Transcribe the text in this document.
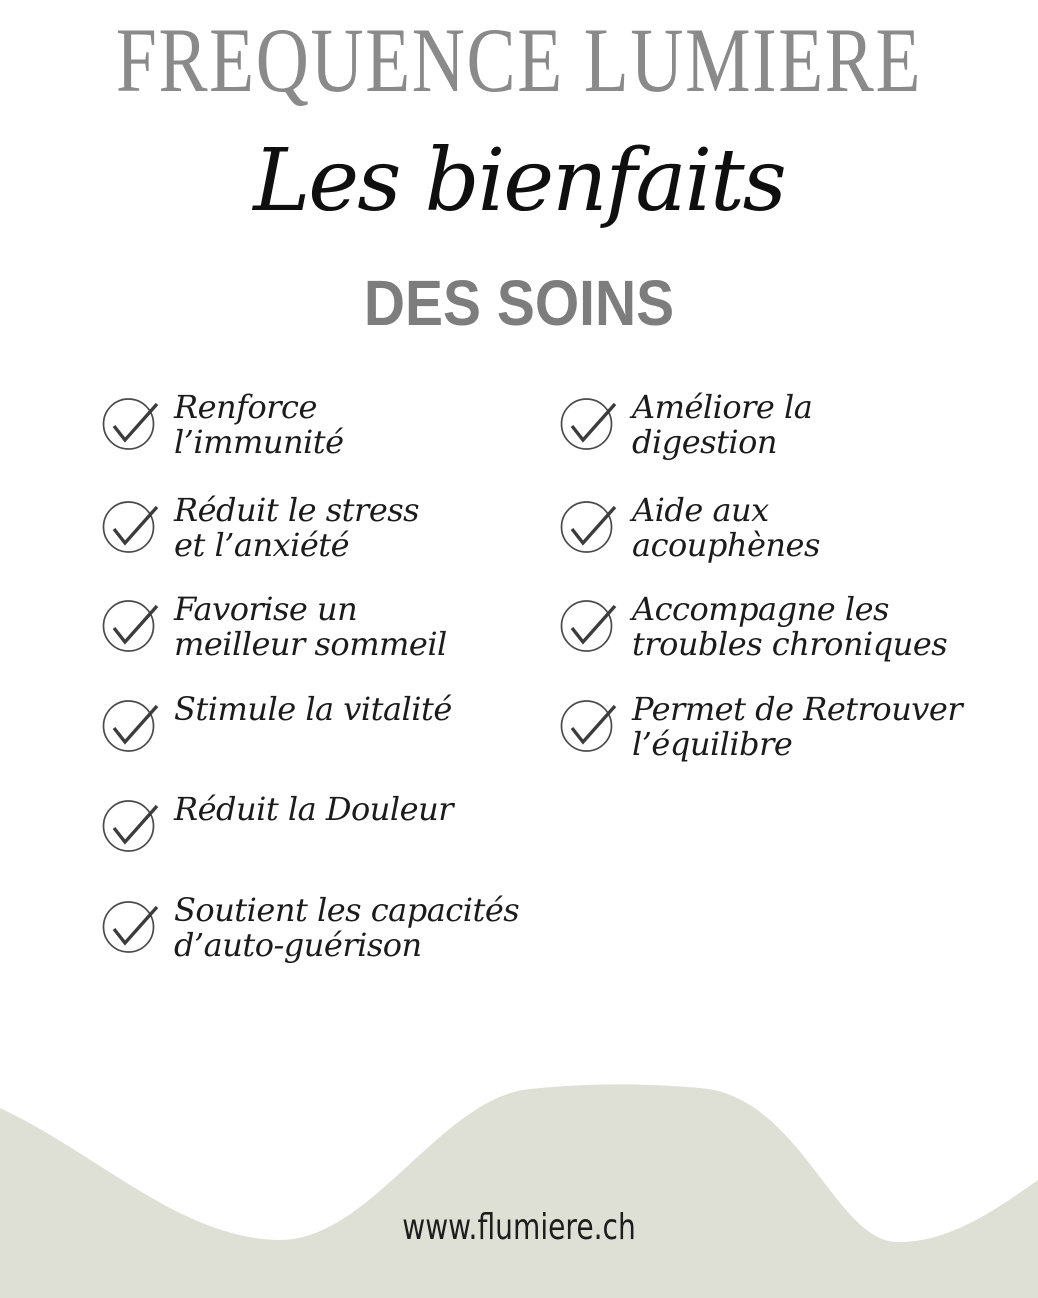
FREQUENCE LUMIERE
Les bienfaits
DES SOINS
Renforce
l’immunité
Réduit le stress
et l’anxiété
Favorise un
meilleur sommeil
Stimule la vitalité
Réduit la Douleur
Soutient les capacités
d’auto-guérison
Améliore la
digestion
Aide aux
acouphènes
Accompagne les
troubles chroniques
Permet de Retrouver
l’équilibre
www.flumiere.ch
